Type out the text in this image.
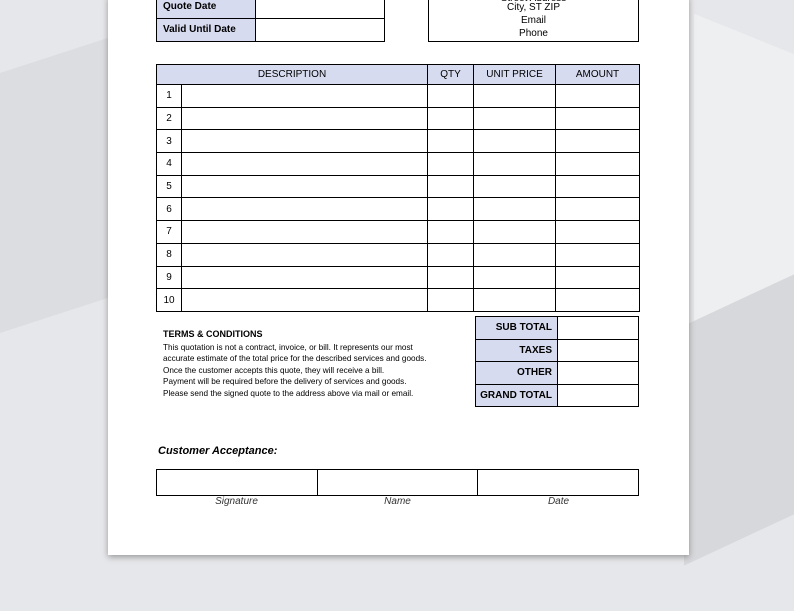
Quote Date
Valid Until Date
City, ST ZIP
Email
Phone
DESCRIPTION		QTY	UNIT PRICE	AMOUNT
1				
2				
3				
4				
5				
6				
7				
8				
9				
10				
TERMS & CONDITIONS
This quotation is not a contract, invoice, or bill. It represents our most
accurate estimate of the total price for the described services and goods.
Once the customer accepts this quote, they will receive a bill.
Payment will be required before the delivery of services and goods.
Please send the signed quote to the address above via mail or email.
SUB TOTAL	
TAXES	
OTHER	
GRAND TOTAL	
Customer Acceptance:
Signature	Name	Date
